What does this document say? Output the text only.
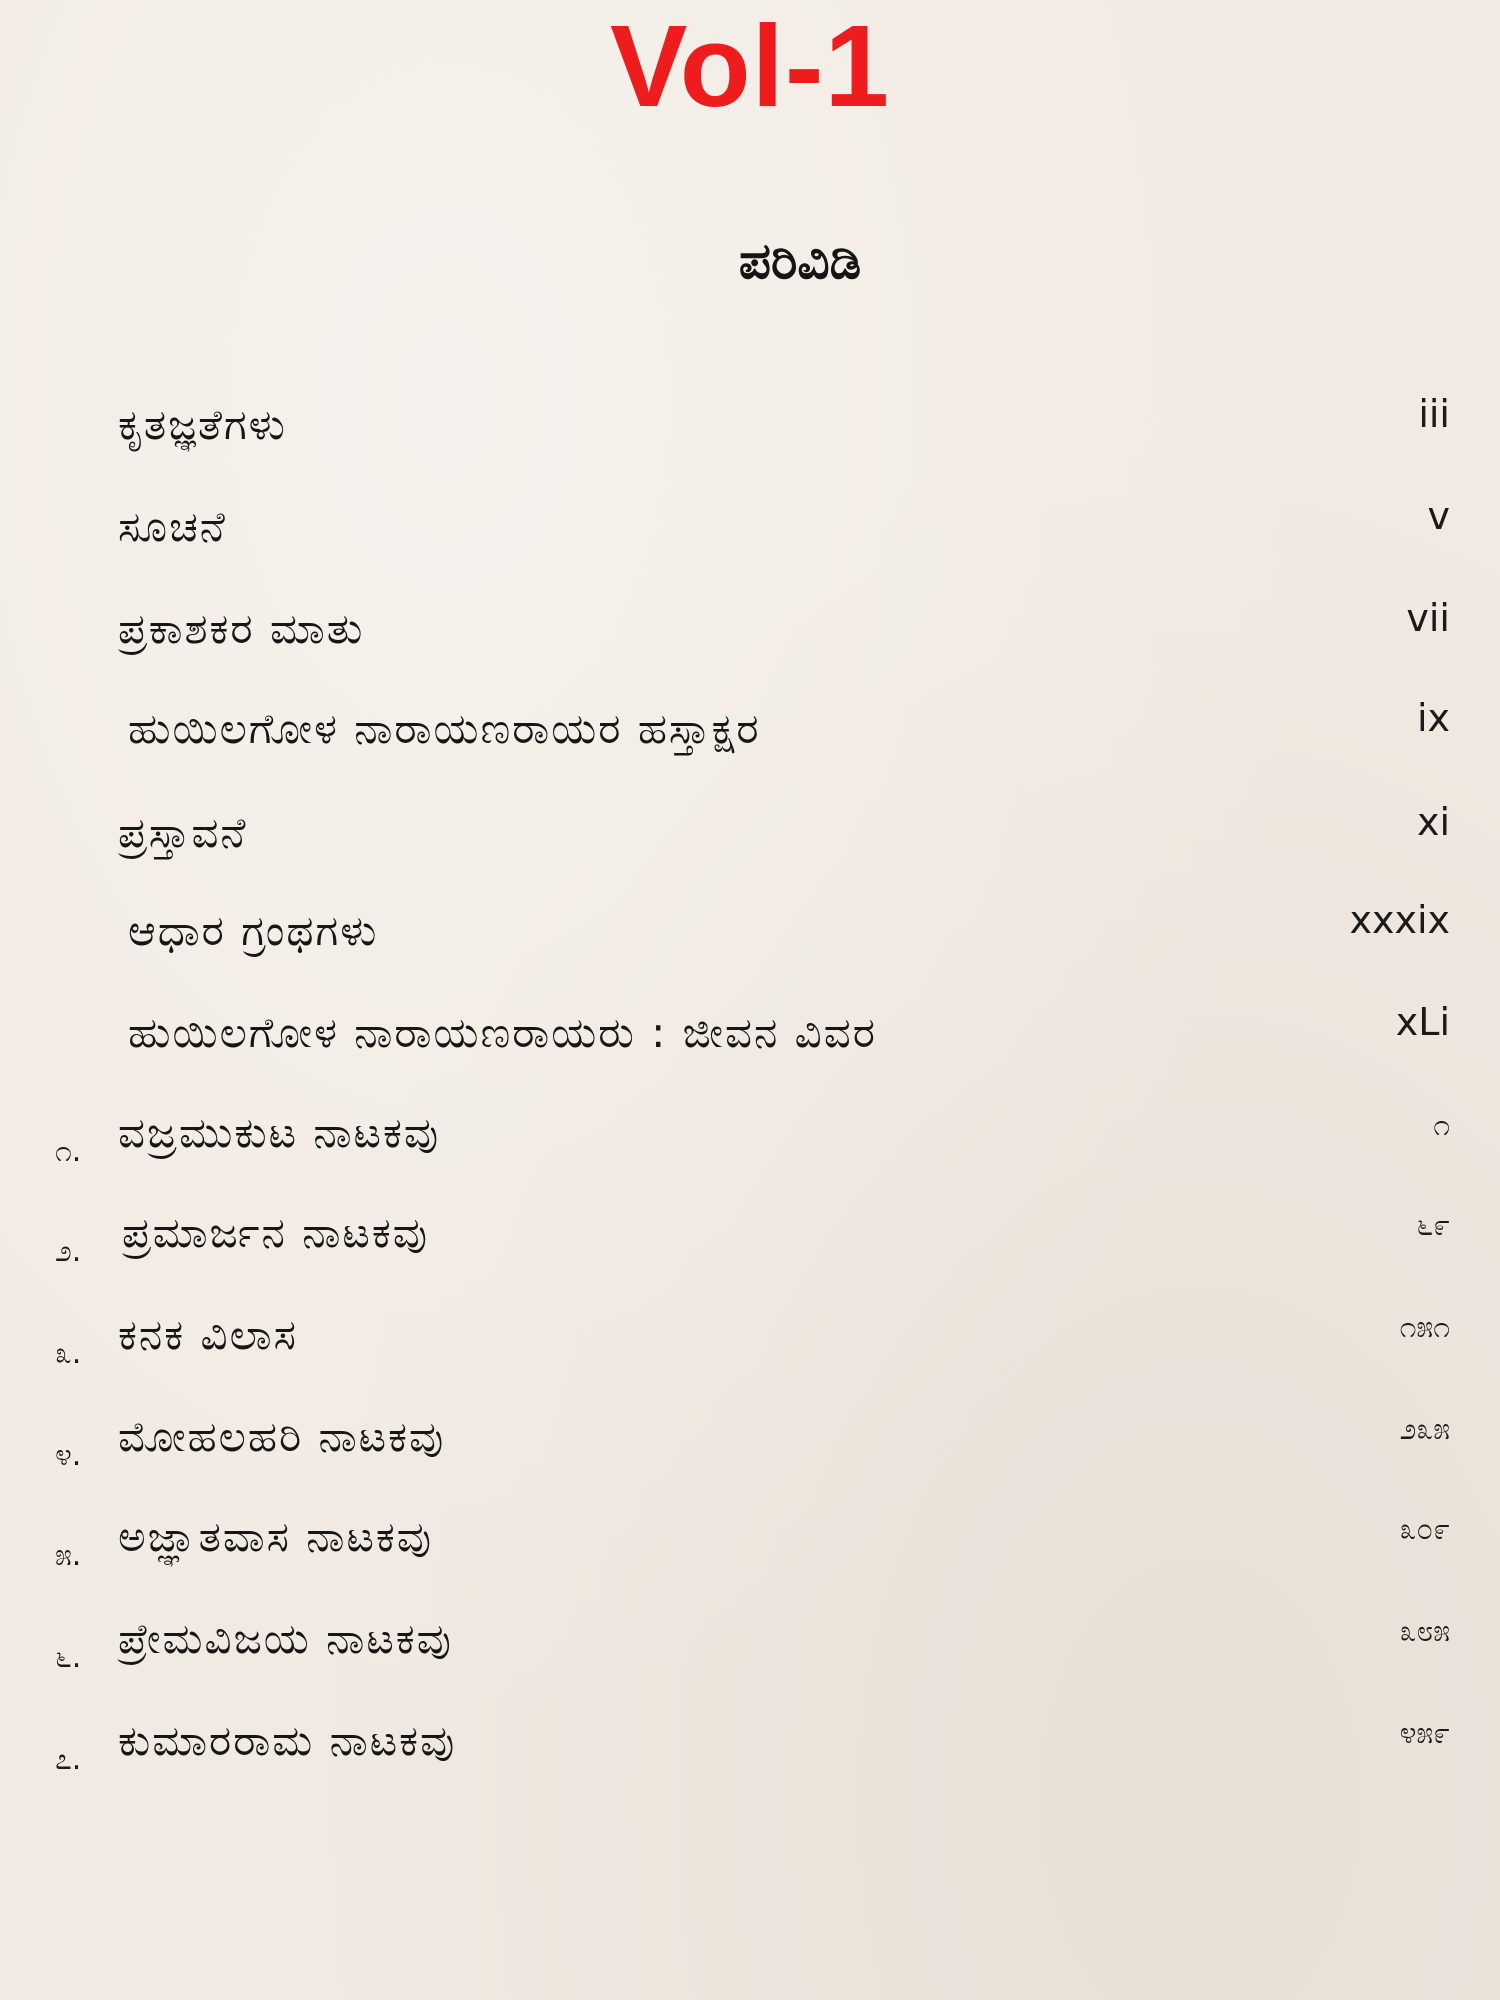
Vol-1
ಪರಿವಿಡಿ
ಕೃತಜ್ಞತೆಗಳು	iii
ಸೂಚನೆ	v
ಪ್ರಕಾಶಕರ ಮಾತು	vii
ಹುಯಿಲಗೋಳ ನಾರಾಯಣರಾಯರ ಹಸ್ತಾಕ್ಷರ	ix
ಪ್ರಸ್ತಾವನೆ	xi
ಆಧಾರ ಗ್ರಂಥಗಳು	xxxix
ಹುಯಿಲಗೋಳ ನಾರಾಯಣರಾಯರು : ಜೀವನ ವಿವರ	xLi
೧. ವಜ್ರಮುಕುಟ ನಾಟಕವು	೧
೨. ಪ್ರಮಾರ್ಜನ ನಾಟಕವು	೬೯
೩. ಕನಕ ವಿಲಾಸ	೧೫೧
೪. ಮೋಹಲಹರಿ ನಾಟಕವು	೨೩೫
೫. ಅಜ್ಞಾತವಾಸ ನಾಟಕವು	೩೦೯
೬. ಪ್ರೇಮವಿಜಯ ನಾಟಕವು	೩೮೫
೭. ಕುಮಾರರಾಮ ನಾಟಕವು	೪೫೯
